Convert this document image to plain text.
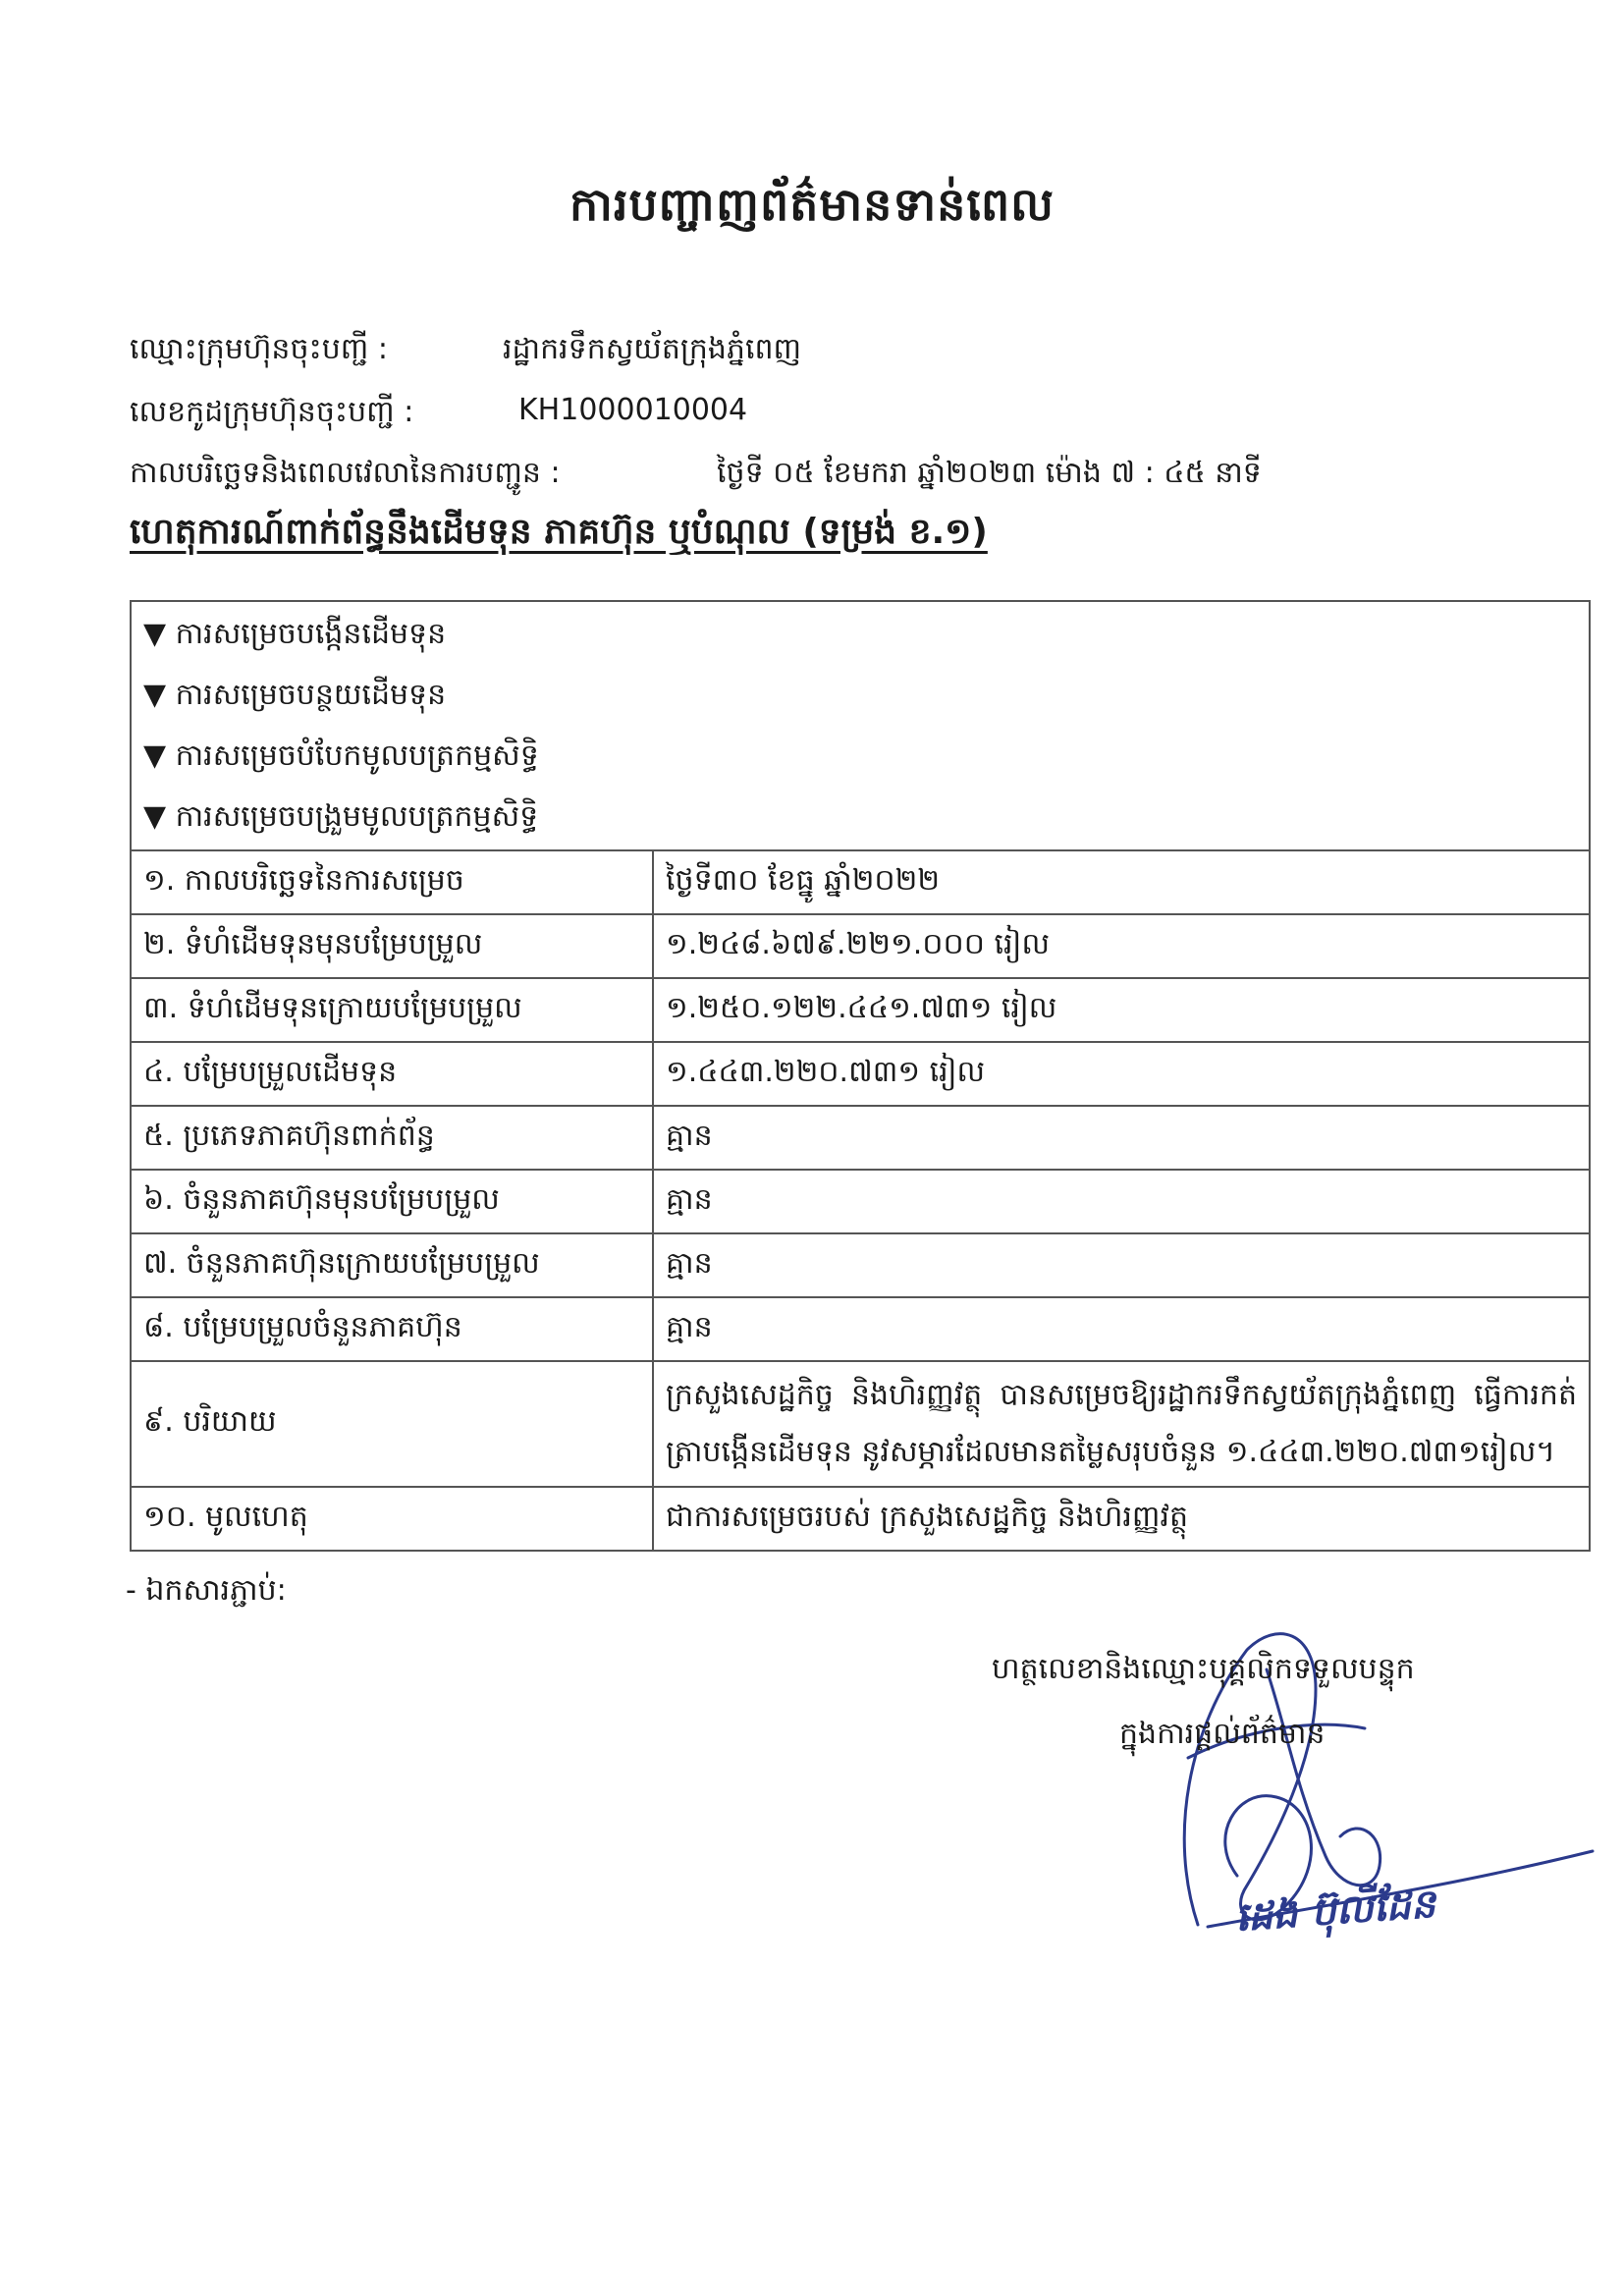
ការបញ្ចាញព័ត៌មានទាន់ពេល
ឈ្មោះក្រុមហ៊ុនចុះបញ្ជី :	រដ្ឋាករទឹកស្វយ័តក្រុងភ្នំពេញ
លេខកូដក្រុមហ៊ុនចុះបញ្ជី :	KH1000010004
កាលបរិច្ឆេទនិងពេលវេលានៃការបញ្ជូន :	ថ្ងៃទី ០៥ ខែមករា ឆ្នាំ២០២៣ ម៉ោង ៧ : ៤៥ នាទី
ហេតុការណ៍ពាក់ព័ន្ធនឹងដើមទុន ភាគហ៊ុន ឬបំណុល (ទម្រង់ ខ.១)
▼ ការសម្រេចបង្កើនដើមទុន
▼ ការសម្រេចបន្ថយដើមទុន
▼ ការសម្រេចបំបែកមូលបត្រកម្មសិទ្ធិ
▼ ការសម្រេចបង្រួមមូលបត្រកម្មសិទ្ធិ	

១. កាលបរិច្ឆេទនៃការសម្រេច	ថ្ងៃទី៣០ ខែធ្នូ ឆ្នាំ២០២២
២. ទំហំដើមទុនមុនបម្រែបម្រួល	១.២៤៨.៦៧៩.២២១.០០០ រៀល
៣. ទំហំដើមទុនក្រោយបម្រែបម្រួល	១.២៥០.១២២.៤៤១.៧៣១ រៀល
៤. បម្រែបម្រួលដើមទុន	១.៤៤៣.២២០.៧៣១ រៀល
៥. ប្រភេទភាគហ៊ុនពាក់ព័ន្ធ	គ្មាន
៦. ចំនួនភាគហ៊ុនមុនបម្រែបម្រួល	គ្មាន
៧. ចំនួនភាគហ៊ុនក្រោយបម្រែបម្រួល	គ្មាន
៨. បម្រែបម្រួលចំនួនភាគហ៊ុន	គ្មាន
៩. បរិយាយ	ក្រសួងសេដ្ឋកិច្ច និងហិរញ្ញវត្ថុ បានសម្រេចឱ្យរដ្ឋាករទឹកស្វយ័តក្រុងភ្នំពេញ ធ្វើការកត់ត្រាបង្កើនដើមទុន នូវសម្ភារដែលមានតម្លៃសរុបចំនួន ១.៤៤៣.២២០.៧៣១រៀល។
១០. មូលហេតុ	ជាការសម្រេចរបស់ ក្រសួងសេដ្ឋកិច្ច និងហិរញ្ញវត្ថុ
- ឯកសារភ្ជាប់:
ហត្ថលេខានិងឈ្មោះបុគ្គលិកទទួលបន្ទុក
ក្នុងការផ្តល់ព័ត៌មាន
ដេង ប៊ុលីដែន
